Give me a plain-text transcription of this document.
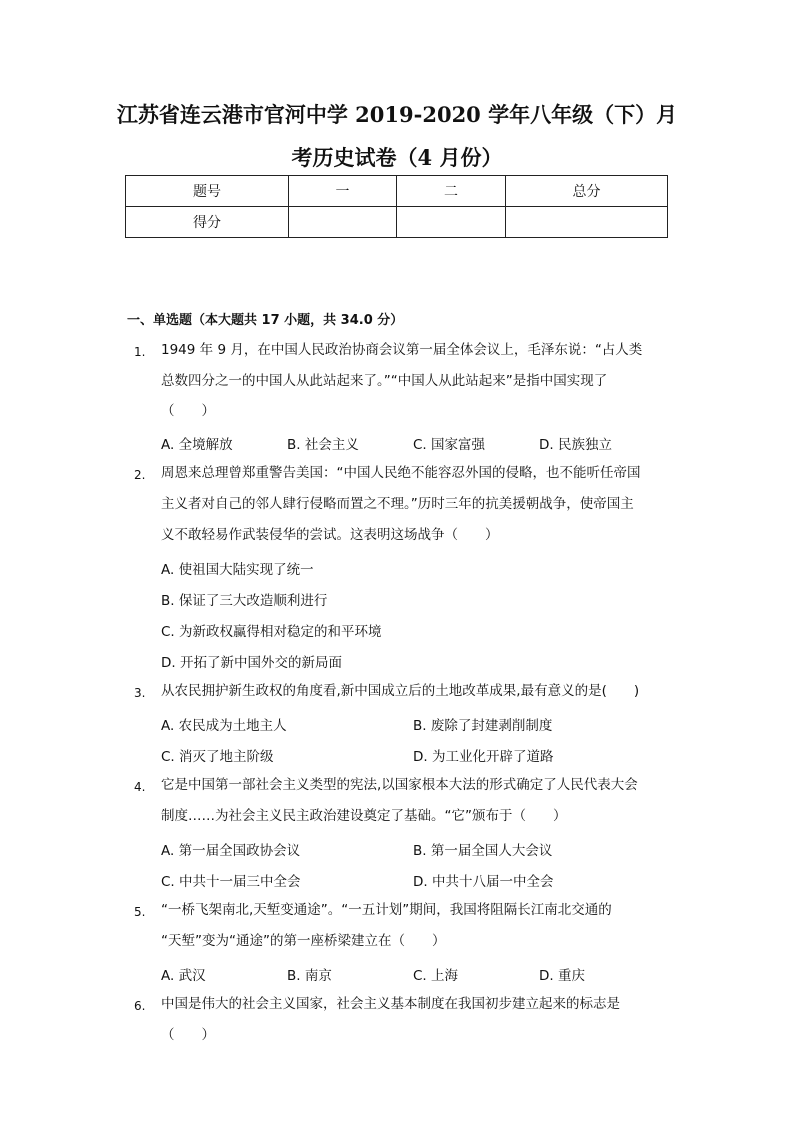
江苏省连云港市官河中学 2019-2020 学年八年级（下）月
考历史试卷（4 月份）
题号	一	二	总分
得分			
一、单选题（本大题共 17 小题，共 34.0 分）
1. 1949 年 9 月，在中国人民政治协商会议第一届全体会议上，毛泽东说：“占人类
总数四分之一的中国人从此站起来了。”“中国人从此站起来”是指中国实现了
（　　）
A. 全境解放	B. 社会主义	C. 国家富强	D. 民族独立
2. 周恩来总理曾郑重警告美国：“中国人民绝不能容忍外国的侵略，也不能听任帝国
主义者对自己的邻人肆行侵略而置之不理。”历时三年的抗美援朝战争，使帝国主
义不敢轻易作武装侵华的尝试。这表明这场战争（　　）
A. 使祖国大陆实现了统一
B. 保证了三大改造顺利进行
C. 为新政权赢得相对稳定的和平环境
D. 开拓了新中国外交的新局面
3. 从农民拥护新生政权的角度看,新中国成立后的土地改革成果,最有意义的是(　　)
A. 农民成为土地主人	B. 废除了封建剥削制度
C. 消灭了地主阶级	D. 为工业化开辟了道路
4. 它是中国第一部社会主义类型的宪法,以国家根本大法的形式确定了人民代表大会
制度……为社会主义民主政治建设奠定了基础。“它”颁布于（　　）
A. 第一届全国政协会议	B. 第一届全国人大会议
C. 中共十一届三中全会	D. 中共十八届一中全会
5. “一桥飞架南北,天堑变通途”。“一五计划”期间，我国将阻隔长江南北交通的
“天堑”变为“通途”的第一座桥梁建立在（　　）
A. 武汉	B. 南京	C. 上海	D. 重庆
6. 中国是伟大的社会主义国家，社会主义基本制度在我国初步建立起来的标志是
（　　）
